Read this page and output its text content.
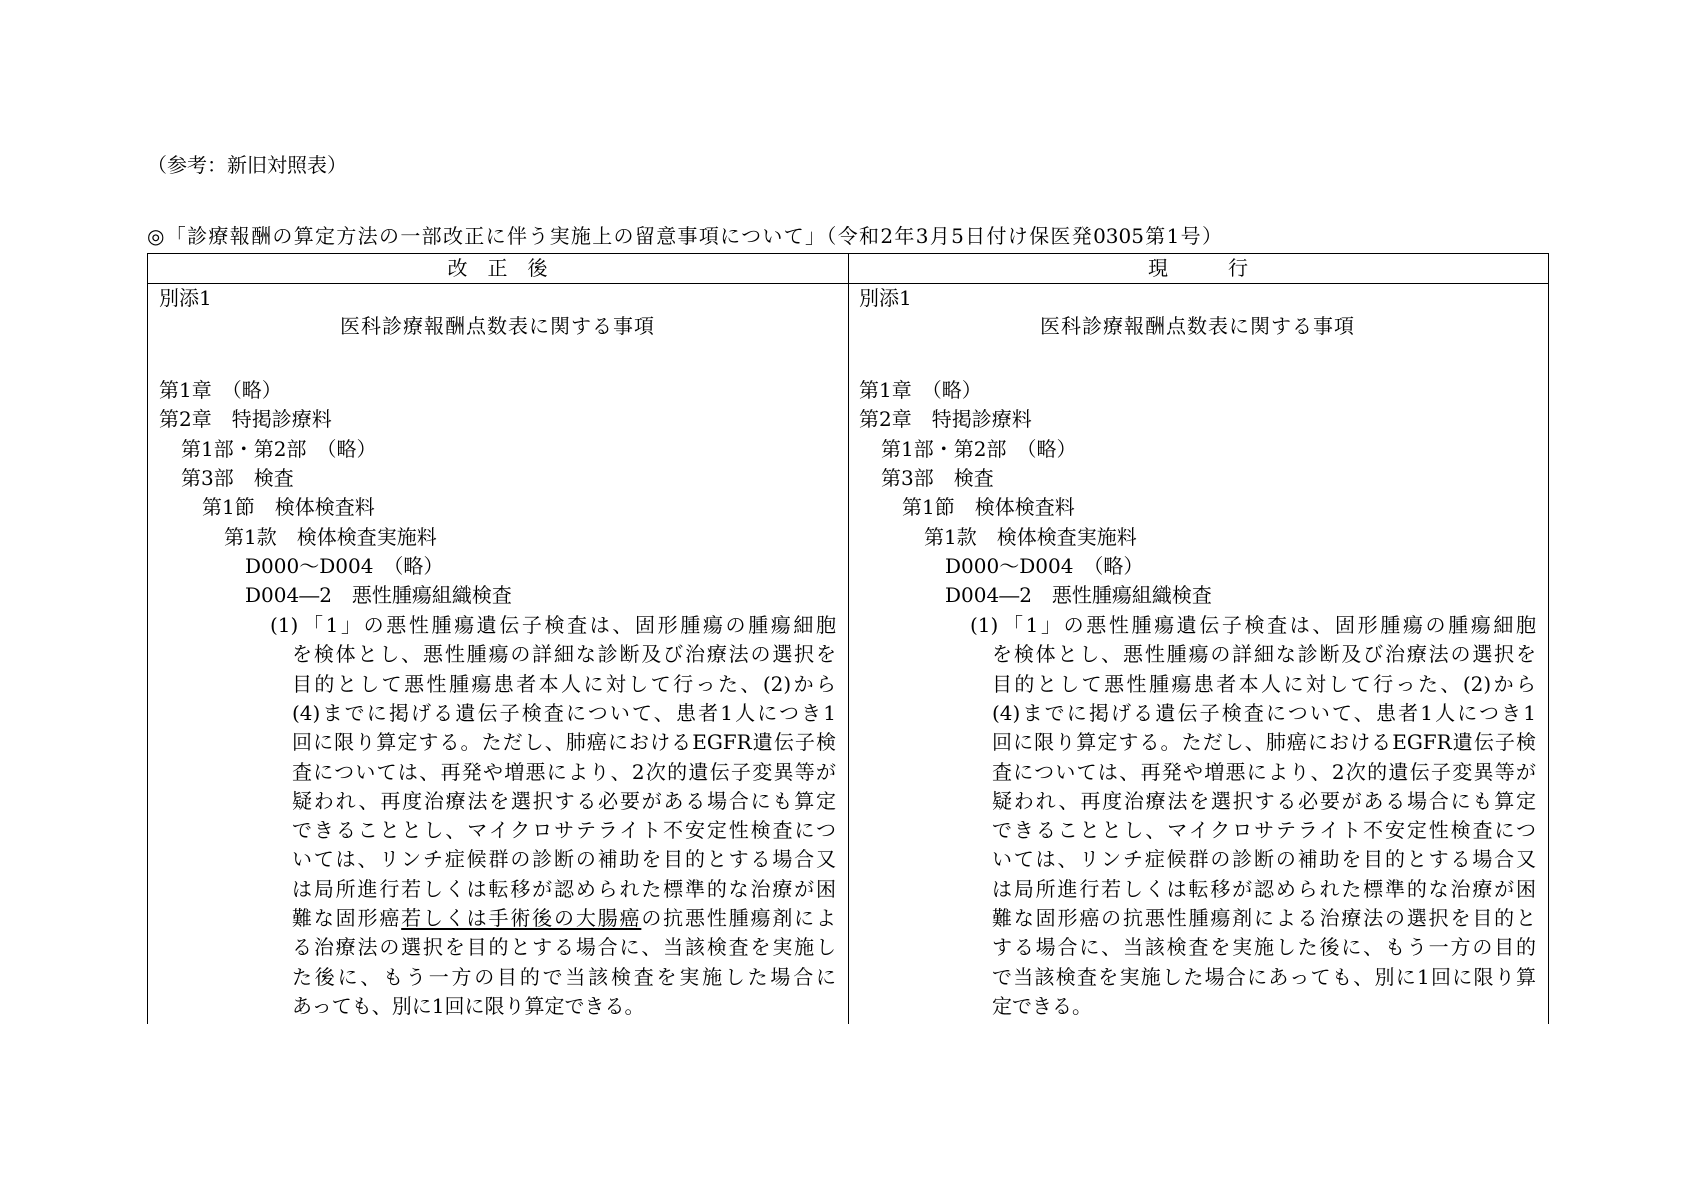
（参考：新旧対照表）
◎「診療報酬の算定方法の一部改正に伴う実施上の留意事項について」（令和2年3月5日付け保医発0305第1号）
改　正　後	現　　　行
別添1
医科診療報酬点数表に関する事項
第1章　（略）
第2章　特掲診療料
第1部・第2部　（略）
第3部　検査
第1節　検体検査料
第1款　検体検査実施料
D000～D004　（略）
D004―2　悪性腫瘍組織検査
(1) 「1」の悪性腫瘍遺伝子検査は、固形腫瘍の腫瘍細胞
を検体とし、悪性腫瘍の詳細な診断及び治療法の選択を
目的として悪性腫瘍患者本人に対して行った、(2)から
(4)までに掲げる遺伝子検査について、患者1人につき1
回に限り算定する。ただし、肺癌におけるEGFR遺伝子検
査については、再発や増悪により、2次的遺伝子変異等が
疑われ、再度治療法を選択する必要がある場合にも算定
できることとし、マイクロサテライト不安定性検査につ
いては、リンチ症候群の診断の補助を目的とする場合又
は局所進行若しくは転移が認められた標準的な治療が困
難な固形癌若しくは手術後の大腸癌の抗悪性腫瘍剤によ
る治療法の選択を目的とする場合に、当該検査を実施し
た後に、もう一方の目的で当該検査を実施した場合に
あっても、別に1回に限り算定できる。
別添1
医科診療報酬点数表に関する事項
第1章　（略）
第2章　特掲診療料
第1部・第2部　（略）
第3部　検査
第1節　検体検査料
第1款　検体検査実施料
D000～D004　（略）
D004―2　悪性腫瘍組織検査
(1) 「1」の悪性腫瘍遺伝子検査は、固形腫瘍の腫瘍細胞
を検体とし、悪性腫瘍の詳細な診断及び治療法の選択を
目的として悪性腫瘍患者本人に対して行った、(2)から
(4)までに掲げる遺伝子検査について、患者1人につき1
回に限り算定する。ただし、肺癌におけるEGFR遺伝子検
査については、再発や増悪により、2次的遺伝子変異等が
疑われ、再度治療法を選択する必要がある場合にも算定
できることとし、マイクロサテライト不安定性検査につ
いては、リンチ症候群の診断の補助を目的とする場合又
は局所進行若しくは転移が認められた標準的な治療が困
難な固形癌の抗悪性腫瘍剤による治療法の選択を目的と
する場合に、当該検査を実施した後に、もう一方の目的
で当該検査を実施した場合にあっても、別に1回に限り算
定できる。
